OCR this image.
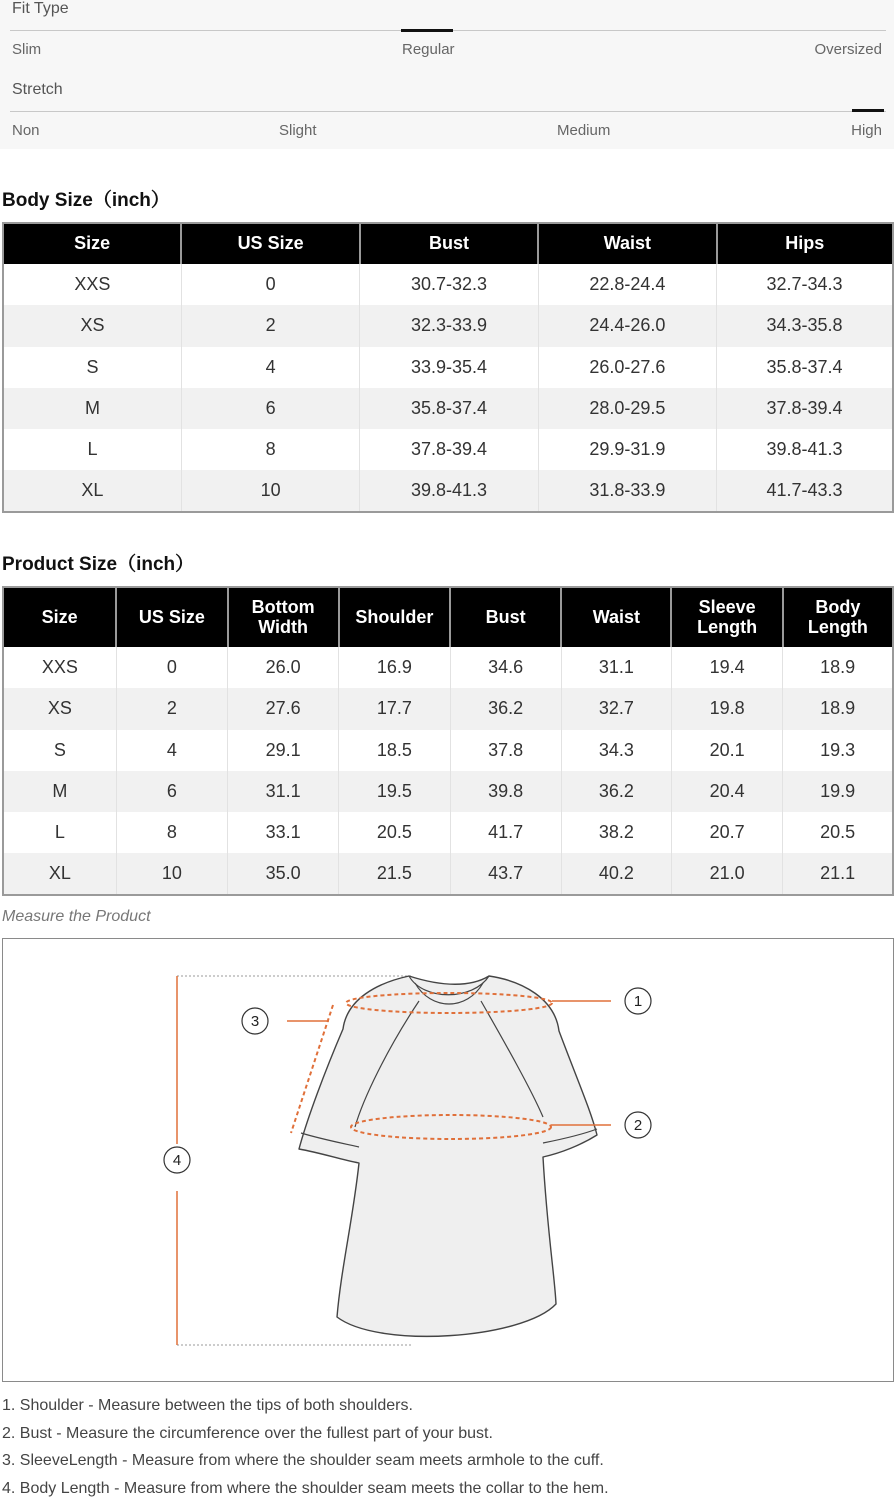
Fit Type
Slim	Regular	Oversized
Stretch
Non	Slight	Medium	High
Body Size（inch）
Size	US Size	Bust	Waist	Hips
XXS	0	30.7-32.3	22.8-24.4	32.7-34.3
XS	2	32.3-33.9	24.4-26.0	34.3-35.8
S	4	33.9-35.4	26.0-27.6	35.8-37.4
M	6	35.8-37.4	28.0-29.5	37.8-39.4
L	8	37.8-39.4	29.9-31.9	39.8-41.3
XL	10	39.8-41.3	31.8-33.9	41.7-43.3
Product Size（inch）
Size	US Size	Bottom Width	Shoulder	Bust	Waist	Sleeve Length	Body Length
XXS	0	26.0	16.9	34.6	31.1	19.4	18.9
XS	2	27.6	17.7	36.2	32.7	19.8	18.9
S	4	29.1	18.5	37.8	34.3	20.1	19.3
M	6	31.1	19.5	39.8	36.2	20.4	19.9
L	8	33.1	20.5	41.7	38.2	20.7	20.5
XL	10	35.0	21.5	43.7	40.2	21.0	21.1
Measure the Product
1
2
3
4
1. Shoulder - Measure between the tips of both shoulders.
2. Bust - Measure the circumference over the fullest part of your bust.
3. SleeveLength - Measure from where the shoulder seam meets armhole to the cuff.
4. Body Length - Measure from where the shoulder seam meets the collar to the hem.
